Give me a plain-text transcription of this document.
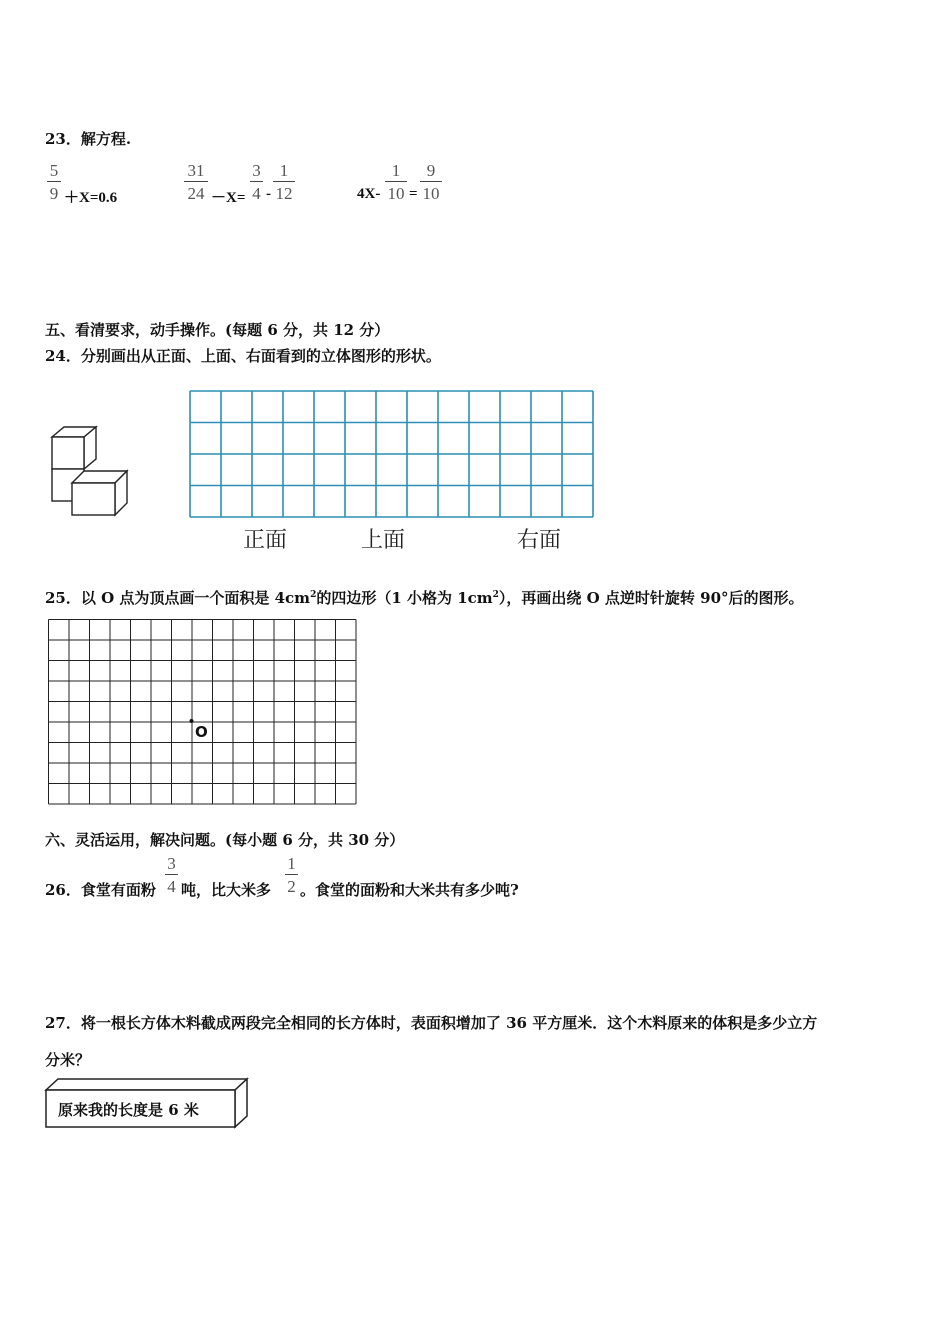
23．解方程.
$\frac{5}{9} +X=0.6$	$\frac{31}{24} -X= \frac{3}{4} - \frac{1}{12}$	$4X- \frac{1}{10} = \frac{9}{10}$
五、看清要求，动手操作。(每题 6 分，共 12 分）
24．分别画出从正面、上面、右面看到的立体图形的形状。
正面	上面	右面
25．以 O 点为顶点画一个面积是 $4cm^2$的四边形（1 小格为 $1cm^2$），再画出绕 O 点逆时针旋转 90°后的图形。
O
六、灵活运用，解决问题。(每小题 6 分，共 30 分）
26．食堂有面粉 $\frac{3}{4}$ 吨，比大米多 $\frac{1}{2}$ 。食堂的面粉和大米共有多少吨?
27．将一根长方体木料截成两段完全相同的长方体时，表面积增加了 36 平方厘米．这个木料原来的体积是多少立方
分米？
原来我的长度是 6 米
